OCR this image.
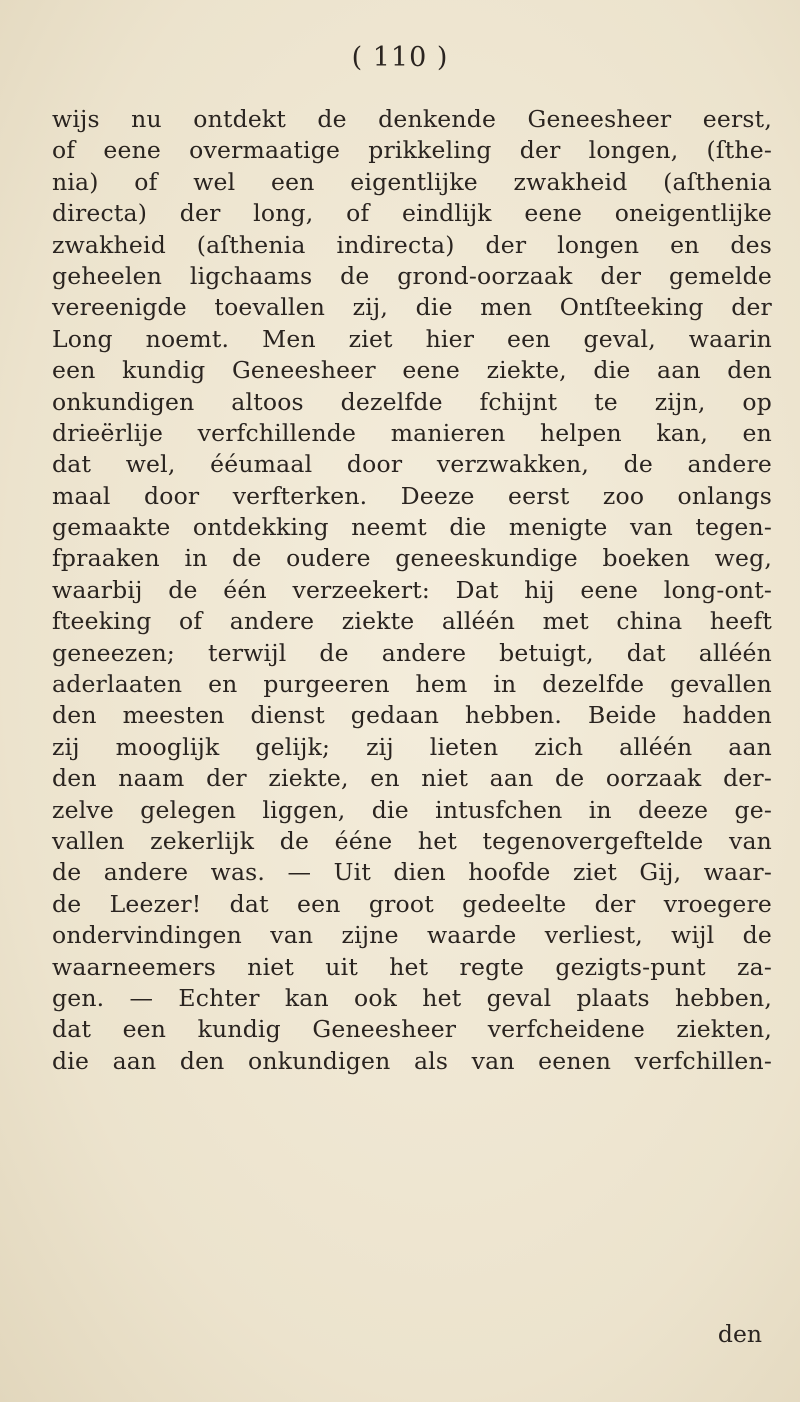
( 110 )
wijs nu ontdekt de denkende Geneesheer eerst,
of eene overmaatige prikkeling der longen, (ſthe-
nia) of wel een eigentlijke zwakheid (aſthenia
directa) der long, of eindlijk eene oneigentlijke
zwakheid (aſthenia indirecta) der longen en des
geheelen ligchaams de grond-oorzaak der gemelde
vereenigde toevallen zij, die men Ontſteeking der
Long noemt. Men ziet hier een geval, waarin
een kundig Geneesheer eene ziekte, die aan den
onkundigen altoos dezelfde fchijnt te zijn, op
drieërlije verfchillende manieren helpen kan, en
dat wel, ééumaal door verzwakken, de andere
maal door verfterken. Deeze eerst zoo onlangs
gemaakte ontdekking neemt die menigte van tegen-
fpraaken in de oudere geneeskundige boeken weg,
waarbij de één verzeekert: Dat hij eene long-ont-
fteeking of andere ziekte alléén met china heeft
geneezen; terwijl de andere betuigt, dat alléén
aderlaaten en purgeeren hem in dezelfde gevallen
den meesten dienst gedaan hebben. Beide hadden
zij mooglijk gelijk; zij lieten zich alléén aan
den naam der ziekte, en niet aan de oorzaak der-
zelve gelegen liggen, die intusfchen in deeze ge-
vallen zekerlijk de ééne het tegenovergeftelde van
de andere was. — Uit dien hoofde ziet Gij, waar-
de Leezer! dat een groot gedeelte der vroegere
ondervindingen van zijne waarde verliest, wijl de
waarneemers niet uit het regte gezigts-punt za-
gen. — Echter kan ook het geval plaats hebben,
dat een kundig Geneesheer verfcheidene ziekten,
die aan den onkundigen als van eenen verfchillen-
den
